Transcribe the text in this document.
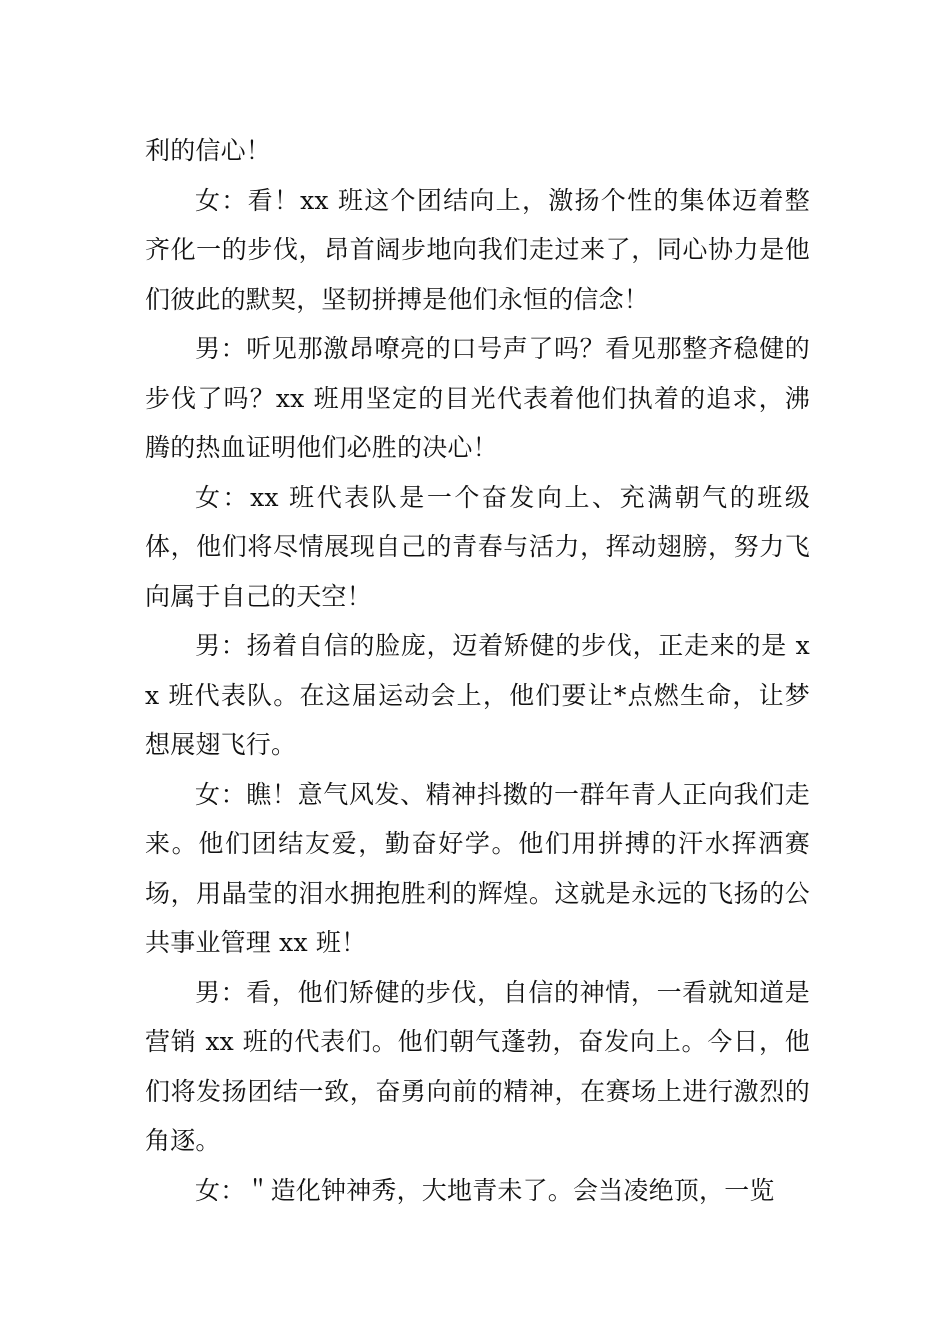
利的信心！

女：看！xx 班这个团结向上，激扬个性的集体迈着整齐化一的步伐，昂首阔步地向我们走过来了，同心协力是他们彼此的默契，坚韧拼搏是他们永恒的信念！

男：听见那激昂嘹亮的口号声了吗？看见那整齐稳健的步伐了吗？xx 班用坚定的目光代表着他们执着的追求，沸腾的热血证明他们必胜的决心！

女：xx 班代表队是一个奋发向上、充满朝气的班级体，他们将尽情展现自己的青春与活力，挥动翅膀，努力飞向属于自己的天空！

男：扬着自信的脸庞，迈着矫健的步伐，正走来的是 xx 班代表队。在这届运动会上，他们要让*点燃生命，让梦想展翅飞行。

女：瞧！意气风发、精神抖擞的一群年青人正向我们走来。他们团结友爱，勤奋好学。他们用拼搏的汗水挥洒赛场，用晶莹的泪水拥抱胜利的辉煌。这就是永远的飞扬的公共事业管理 xx 班！

男：看，他们矫健的步伐，自信的神情，一看就知道是营销 xx 班的代表们。他们朝气蓬勃，奋发向上。今日，他们将发扬团结一致，奋勇向前的精神，在赛场上进行激烈的角逐。

女：＂造化钟神秀，大地青未了。会当凌绝顶，一览
